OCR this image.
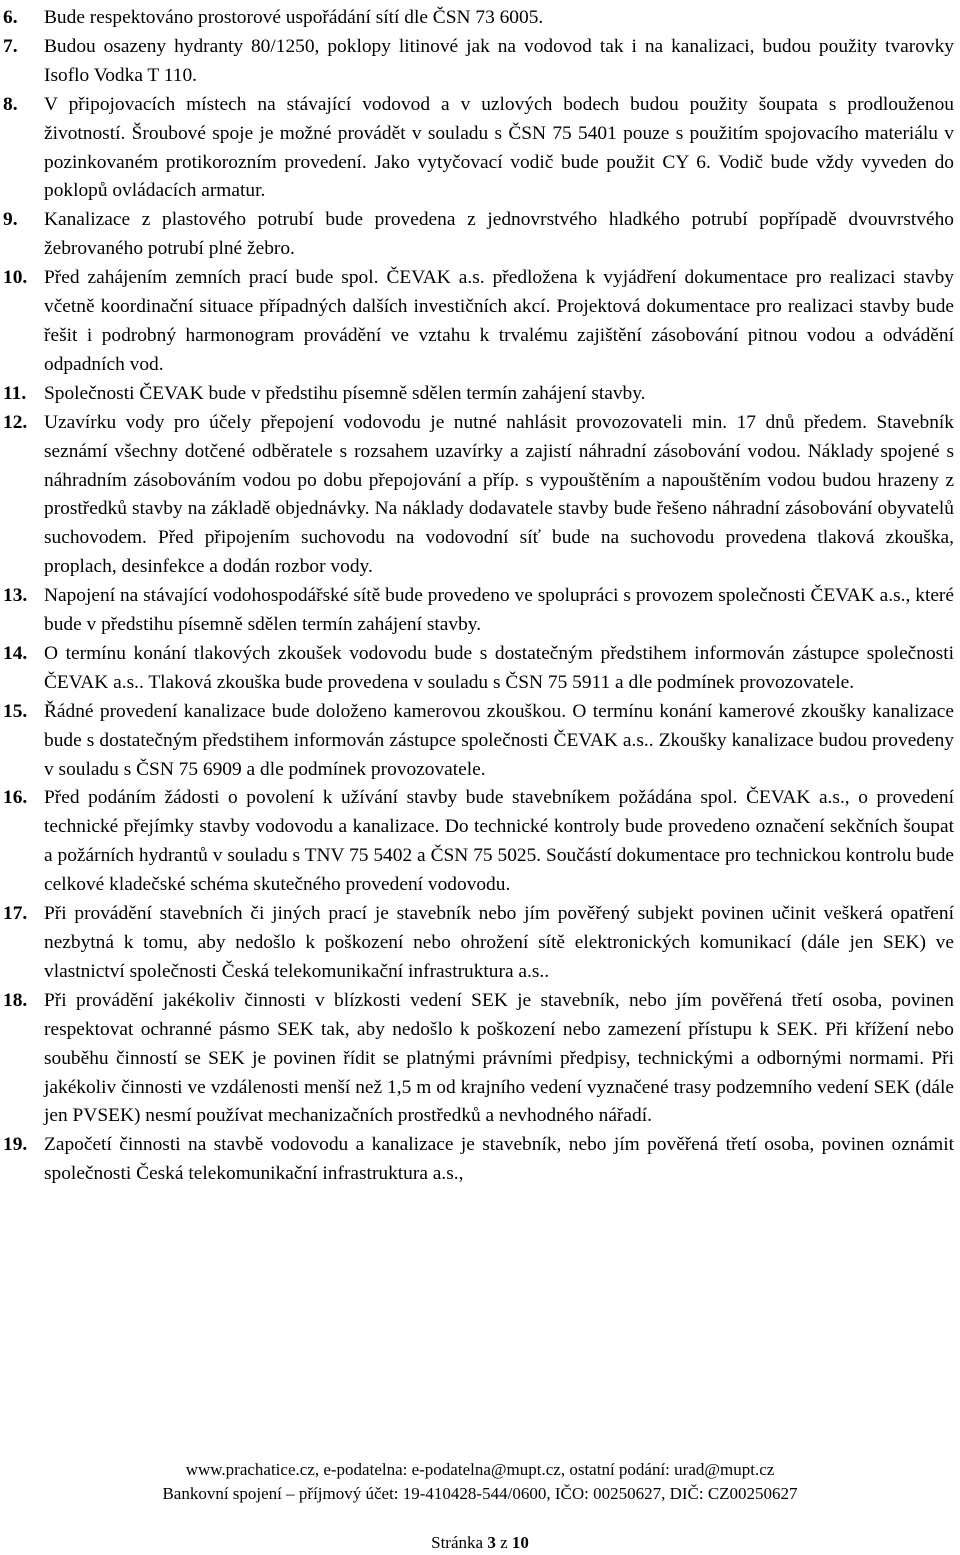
6.	Bude respektováno prostorové uspořádání sítí dle ČSN 73 6005.
7.	Budou osazeny hydranty 80/1250, poklopy litinové jak na vodovod tak i na kanalizaci, budou použity tvarovky Isoflo Vodka T 110.
8.	V připojovacích místech na stávající vodovod a v uzlových bodech budou použity šoupata s prodlouženou životností. Šroubové spoje je možné provádět v souladu s ČSN 75 5401 pouze s použitím spojovacího materiálu v pozinkovaném protikorozním provedení. Jako vytyčovací vodič bude použit CY 6. Vodič bude vždy vyveden do poklopů ovládacích armatur.
9.	Kanalizace z plastového potrubí bude provedena z jednovrstvého hladkého potrubí popřípadě dvouvrstvého žebrovaného potrubí plné žebro.
10. Před zahájením zemních prací bude spol. ČEVAK a.s. předložena k vyjádření dokumentace pro realizaci stavby včetně koordinační situace případných dalších investičních akcí. Projektová dokumentace pro realizaci stavby bude řešit i podrobný harmonogram provádění ve vztahu k trvalému zajištění zásobování pitnou vodou a odvádění odpadních vod.
11. Společnosti ČEVAK bude v předstihu písemně sdělen termín zahájení stavby.
12. Uzavírku vody pro účely přepojení vodovodu je nutné nahlásit provozovateli min. 17 dnů předem. Stavebník seznámí všechny dotčené odběratele s rozsahem uzavírky a zajistí náhradní zásobování vodou. Náklady spojené s náhradním zásobováním vodou po dobu přepojování a příp. s vypouštěním a napouštěním vodou budou hrazeny z prostředků stavby na základě objednávky. Na náklady dodavatele stavby bude řešeno náhradní zásobování obyvatelů suchovodem. Před připojením suchovodu na vodovodní síť bude na suchovodu provedena tlaková zkouška, proplach, desinfekce a dodán rozbor vody.
13. Napojení na stávající vodohospodářské sítě bude provedeno ve spolupráci s provozem společnosti ČEVAK a.s., které bude v předstihu písemně sdělen termín zahájení stavby.
14. O termínu konání tlakových zkoušek vodovodu bude s dostatečným předstihem informován zástupce společnosti ČEVAK a.s.. Tlaková zkouška bude provedena v souladu s ČSN 75 5911 a dle podmínek provozovatele.
15. Řádné provedení kanalizace bude doloženo kamerovou zkouškou. O termínu konání kamerové zkoušky kanalizace bude s dostatečným předstihem informován zástupce společnosti ČEVAK a.s.. Zkoušky kanalizace budou provedeny v souladu s ČSN 75 6909 a dle podmínek provozovatele.
16. Před podáním žádosti o povolení k užívání stavby bude stavebníkem požádána spol. ČEVAK a.s., o provedení technické přejímky stavby vodovodu a kanalizace. Do technické kontroly bude provedeno označení sekčních šoupat a požárních hydrantů v souladu s TNV 75 5402 a ČSN 75 5025. Součástí dokumentace pro technickou kontrolu bude celkové kladečské schéma skutečného provedení vodovodu.
17. Při provádění stavebních či jiných prací je stavebník nebo jím pověřený subjekt povinen učinit veškerá opatření nezbytná k tomu, aby nedošlo k poškození nebo ohrožení sítě elektronických komunikací (dále jen SEK) ve vlastnictví společnosti Česká telekomunikační infrastruktura a.s..
18. Při provádění jakékoliv činnosti v blízkosti vedení SEK je stavebník, nebo jím pověřená třetí osoba, povinen respektovat ochranné pásmo SEK tak, aby nedošlo k poškození nebo zamezení přístupu k SEK. Při křížení nebo souběhu činností se SEK je povinen řídit se platnými právními předpisy, technickými a odbornými normami. Při jakékoliv činnosti ve vzdálenosti menší než 1,5 m od krajního vedení vyznačené trasy podzemního vedení SEK (dále jen PVSEK) nesmí používat mechanizačních prostředků a nevhodného nářadí.
19. Započetí činnosti na stavbě vodovodu a kanalizace je stavebník, nebo jím pověřená třetí osoba, povinen oznámit společnosti Česká telekomunikační infrastruktura a.s.,
www.prachatice.cz, e-podatelna: e-podatelna@mupt.cz, ostatní podání: urad@mupt.cz
Bankovní spojení – příjmový účet: 19-410428-544/0600, IČO: 00250627, DIČ: CZ00250627
Stránka 3 z 10
